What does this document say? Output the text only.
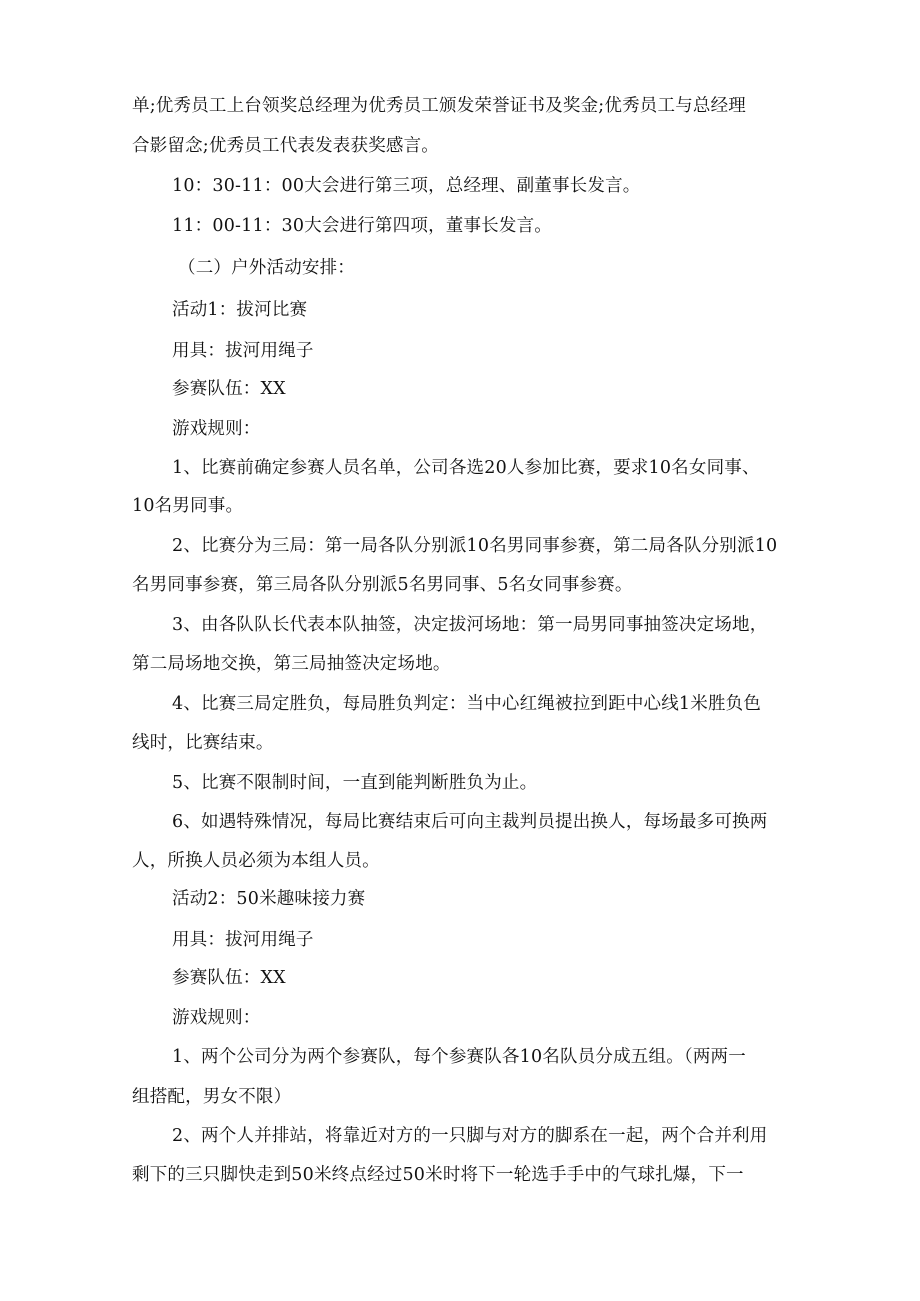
单;优秀员工上台领奖总经理为优秀员工颁发荣誉证书及奖金;优秀员工与总经理
合影留念;优秀员工代表发表获奖感言。
10：30-11：00大会进行第三项，总经理、副董事长发言。
11：00-11：30大会进行第四项，董事长发言。
（二）户外活动安排：
活动1：拔河比赛
用具：拔河用绳子
参赛队伍：XX
游戏规则：
1、比赛前确定参赛人员名单，公司各选20人参加比赛，要求10名女同事、
10名男同事。
2、比赛分为三局：第一局各队分别派10名男同事参赛，第二局各队分别派10
名男同事参赛，第三局各队分别派5名男同事、5名女同事参赛。
3、由各队队长代表本队抽签，决定拔河场地：第一局男同事抽签决定场地，
第二局场地交换，第三局抽签决定场地。
4、比赛三局定胜负，每局胜负判定：当中心红绳被拉到距中心线1米胜负色
线时，比赛结束。
5、比赛不限制时间，一直到能判断胜负为止。
6、如遇特殊情况，每局比赛结束后可向主裁判员提出换人，每场最多可换两
人，所换人员必须为本组人员。
活动2：50米趣味接力赛
用具：拔河用绳子
参赛队伍：XX
游戏规则：
1、两个公司分为两个参赛队，每个参赛队各10名队员分成五组。（两两一
组搭配，男女不限）
2、两个人并排站，将靠近对方的一只脚与对方的脚系在一起，两个合并利用
剩下的三只脚快走到50米终点经过50米时将下一轮选手手中的气球扎爆，下一
